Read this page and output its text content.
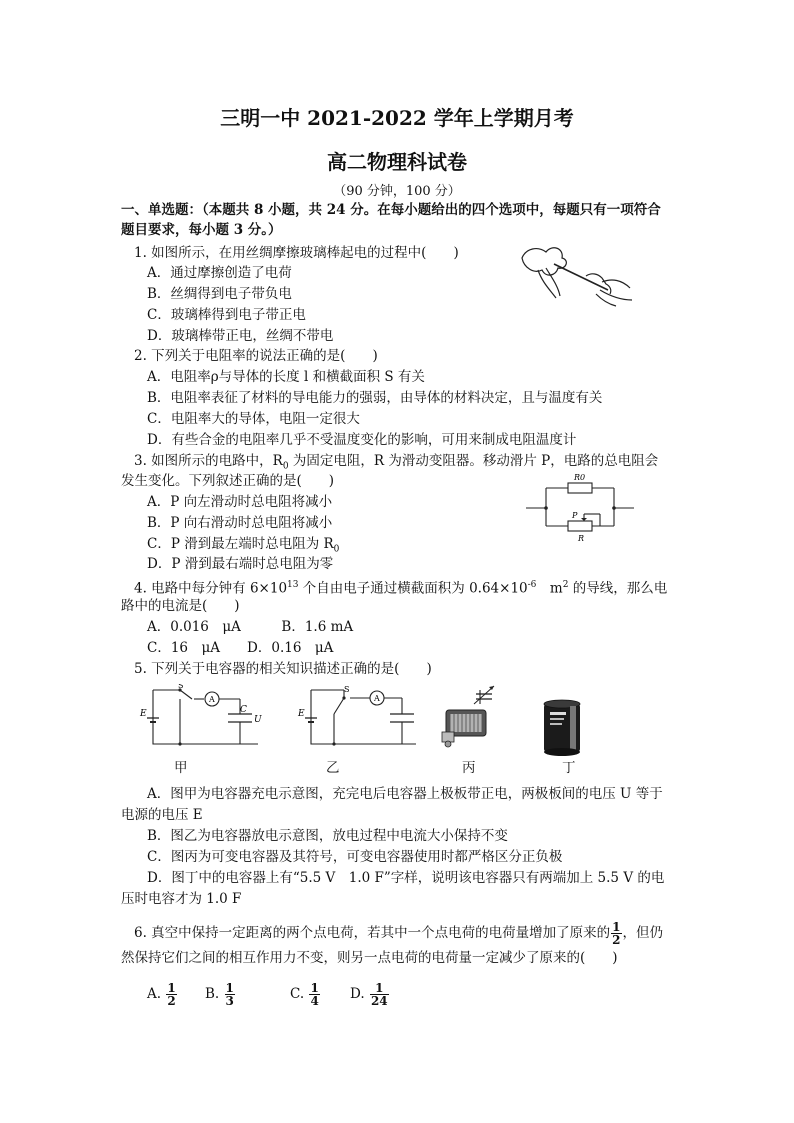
三明一中 2021-2022 学年上学期月考
高二物理科试卷
（90 分钟，100 分）
一、单选题：（本题共 8 小题，共 24 分。在每小题给出的四个选项中，每题只有一项符合
题目要求，每小题 3 分。）
1. 如图所示，在用丝绸摩擦玻璃棒起电的过程中(　　)
A．通过摩擦创造了电荷
B．丝绸得到电子带负电
C．玻璃棒得到电子带正电
D．玻璃棒带正电，丝绸不带电
2. 下列关于电阻率的说法正确的是(　　)
A．电阻率ρ与导体的长度 l 和横截面积 S 有关
B．电阻率表征了材料的导电能力的强弱，由导体的材料决定，且与温度有关
C．电阻率大的导体，电阻一定很大
D．有些合金的电阻率几乎不受温度变化的影响，可用来制成电阻温度计
3. 如图所示的电路中，$R_0$ 为固定电阻，R 为滑动变阻器。移动滑片 P，电路的总电阻会
发生变化。下列叙述正确的是(　　)
A．P 向左滑动时总电阻将减小
B．P 向右滑动时总电阻将减小
C．P 滑到最左端时总电阻为 $R_0$
D．P 滑到最右端时总电阻为零
R0
P
R
4. 电路中每分钟有 $6\times 10^{13}$ 个自由电子通过横截面积为 $0.64\times 10^{-6}$　$m^2$ 的导线，那么电
路中的电流是(　　)
A．0.016　μA　　　B．1.6 mA
C．16　μA　　D．0.16　μA
5. 下列关于电容器的相关知识描述正确的是(　　)
E
S
A
C
U
E
S
A
甲	乙	丙	丁
A．图甲为电容器充电示意图，充完电后电容器上极板带正电，两极板间的电压 U 等于
电源的电压 E
B．图乙为电容器放电示意图，放电过程中电流大小保持不变
C．图丙为可变电容器及其符号，可变电容器使用时都严格区分正负极
D．图丁中的电容器上有“5.5 V　1.0 F”字样，说明该电容器只有两端加上 5.5 V 的电
压时电容才为 1.0 F
6. 真空中保持一定距离的两个点电荷，若其中一个点电荷的电荷量增加了原来的 $\frac{1}{2}$ ，但仍
然保持它们之间的相互作用力不变，则另一点电荷的电荷量一定减少了原来的(　　)
A. $\frac{1}{2} B$. $\frac{1}{3}$	C. $\frac{1}{4} D$. $\frac{1}{24}$
